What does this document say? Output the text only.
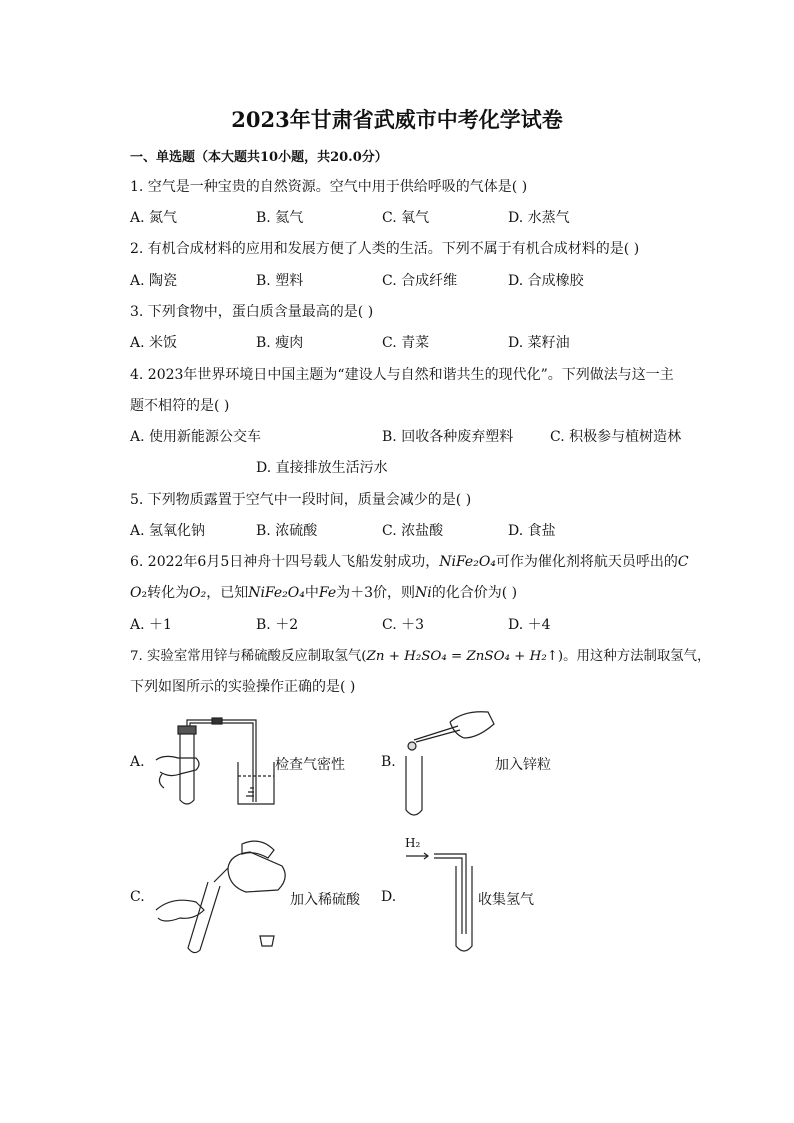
2023年甘肃省武威市中考化学试卷
一、单选题（本大题共10小题，共20.0分）
1. 空气是一种宝贵的自然资源。空气中用于供给呼吸的气体是( )
A. 氮气	B. 氦气	C. 氧气	D. 水蒸气
2. 有机合成材料的应用和发展方便了人类的生活。下列不属于有机合成材料的是( )
A. 陶瓷	B. 塑料	C. 合成纤维	D. 合成橡胶
3. 下列食物中，蛋白质含量最高的是( )
A. 米饭	B. 瘦肉	C. 青菜	D. 菜籽油
4. 2023年世界环境日中国主题为“建设人与自然和谐共生的现代化”。下列做法与这一主
题不相符的是( )
A. 使用新能源公交车	B. 回收各种废弃塑料	C. 积极参与植树造林
D. 直接排放生活污水
5. 下列物质露置于空气中一段时间，质量会减少的是( )
A. 氢氧化钠	B. 浓硫酸	C. 浓盐酸	D. 食盐
6. 2022年6月5日神舟十四号载人飞船发射成功，NiFe₂O₄可作为催化剂将航天员呼出的C
O₂转化为O₂，已知NiFe₂O₄中Fe为＋3价，则Ni的化合价为( )
A. ＋1	B. ＋2	C. ＋3	D. ＋4
7. 实验室常用锌与稀硫酸反应制取氢气(Zn + H₂SO₄ = ZnSO₄ + H₂↑)。用这种方法制取氢气，
下列如图所示的实验操作正确的是( )
A.	检查气密性	B.	加入锌粒
C.	加入稀硫酸 D.
H₂
收集氢气
